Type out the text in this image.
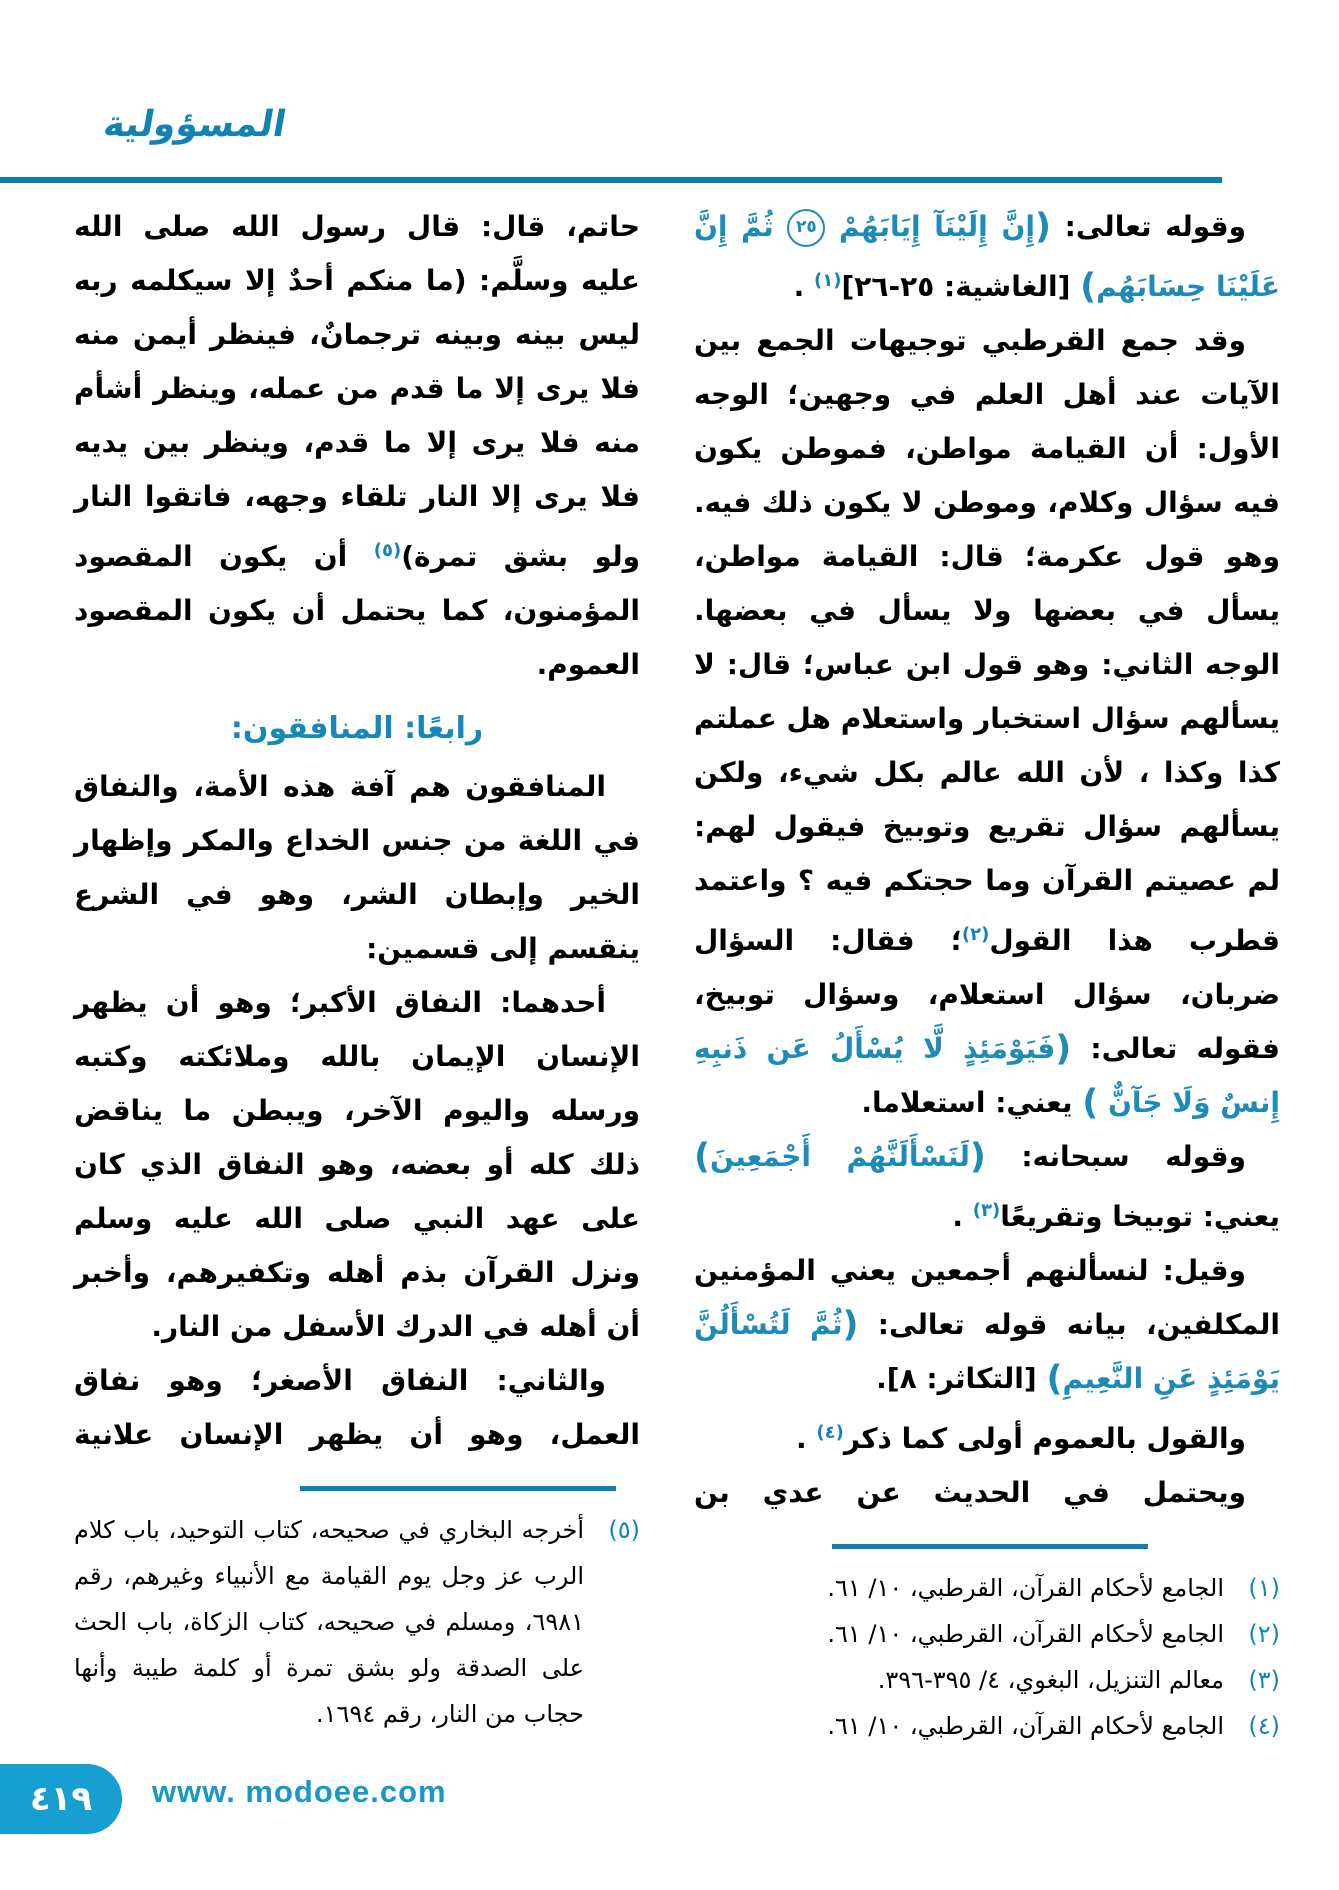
المسؤولية

وقوله تعالى: (إِنَّ إِلَيْنَآ إِيَابَهُمْ ٢٥ ثُمَّ إِنَّ عَلَيْنَا حِسَابَهُم) [الغاشية: ٢٥-٢٦]$^{(١)}$ .

وقد جمع القرطبي توجيهات الجمع بين الآيات عند أهل العلم في وجهين؛ الوجه الأول: أن القيامة مواطن، فموطن يكون فيه سؤال وكلام، وموطن لا يكون ذلك فيه. وهو قول عكرمة؛ قال: القيامة مواطن، يسأل في بعضها ولا يسأل في بعضها. الوجه الثاني: وهو قول ابن عباس؛ قال: لا يسألهم سؤال استخبار واستعلام هل عملتم كذا وكذا ، لأن الله عالم بكل شيء، ولكن يسألهم سؤال تقريع وتوبيخ فيقول لهم: لم عصيتم القرآن وما حجتكم فيه ؟ واعتمد قطرب هذا القول$^{(٢)}$؛ فقال: السؤال ضربان، سؤال استعلام، وسؤال توبيخ، فقوله تعالى: (فَيَوْمَئِذٍ لَّا يُسْأَلُ عَن ذَنبِهِ إِنسٌ وَلَا جَآنٌّ ) يعني: استعلاما.

وقوله سبحانه: (لَنَسْأَلَنَّهُمْ أَجْمَعِينَ) يعني: توبيخا وتقريعًا$^{(٣)}$ .

وقيل: لنسألنهم أجمعين يعني المؤمنين المكلفين، بيانه قوله تعالى: (ثُمَّ لَتُسْأَلُنَّ يَوْمَئِذٍ عَنِ النَّعِيمِ) [التكاثر: ٨].

والقول بالعموم أولى كما ذكر$^{(٤)}$ .

ويحتمل في الحديث عن عدي بن

(١)
الجامع لأحكام القرآن، القرطبي، ١٠/ ٦١.
(٢)
الجامع لأحكام القرآن، القرطبي، ١٠/ ٦١.
(٣)
معالم التنزيل، البغوي، ٤/ ٣٩٥-٣٩٦.
(٤)
الجامع لأحكام القرآن، القرطبي، ١٠/ ٦١.

حاتم، قال: قال رسول الله صلى الله عليه وسلَّم: (ما منكم أحدٌ إلا سيكلمه ربه ليس بينه وبينه ترجمانٌ، فينظر أيمن منه فلا يرى إلا ما قدم من عمله، وينظر أشأم منه فلا يرى إلا ما قدم، وينظر بين يديه فلا يرى إلا النار تلقاء وجهه، فاتقوا النار ولو بشق تمرة)$^{(٥)}$ أن يكون المقصود المؤمنون، كما يحتمل أن يكون المقصود العموم.

رابعًا: المنافقون:

المنافقون هم آفة هذه الأمة، والنفاق في اللغة من جنس الخداع والمكر وإظهار الخير وإبطان الشر، وهو في الشرع ينقسم إلى قسمين:

أحدهما: النفاق الأكبر؛ وهو أن يظهر الإنسان الإيمان بالله وملائكته وكتبه ورسله واليوم الآخر، ويبطن ما يناقض ذلك كله أو بعضه، وهو النفاق الذي كان على عهد النبي صلى الله عليه وسلم ونزل القرآن بذم أهله وتكفيرهم، وأخبر أن أهله في الدرك الأسفل من النار.

والثاني: النفاق الأصغر؛ وهو نفاق العمل، وهو أن يظهر الإنسان علانية

(٥)
أخرجه البخاري في صحيحه، كتاب التوحيد، باب كلام الرب عز وجل يوم القيامة مع الأنبياء وغيرهم، رقم ٦٩٨١، ومسلم في صحيحه، كتاب الزكاة، باب الحث على الصدقة ولو بشق تمرة أو كلمة طيبة وأنها حجاب من النار، رقم ١٦٩٤.
٤١٩ www. modoee.com
